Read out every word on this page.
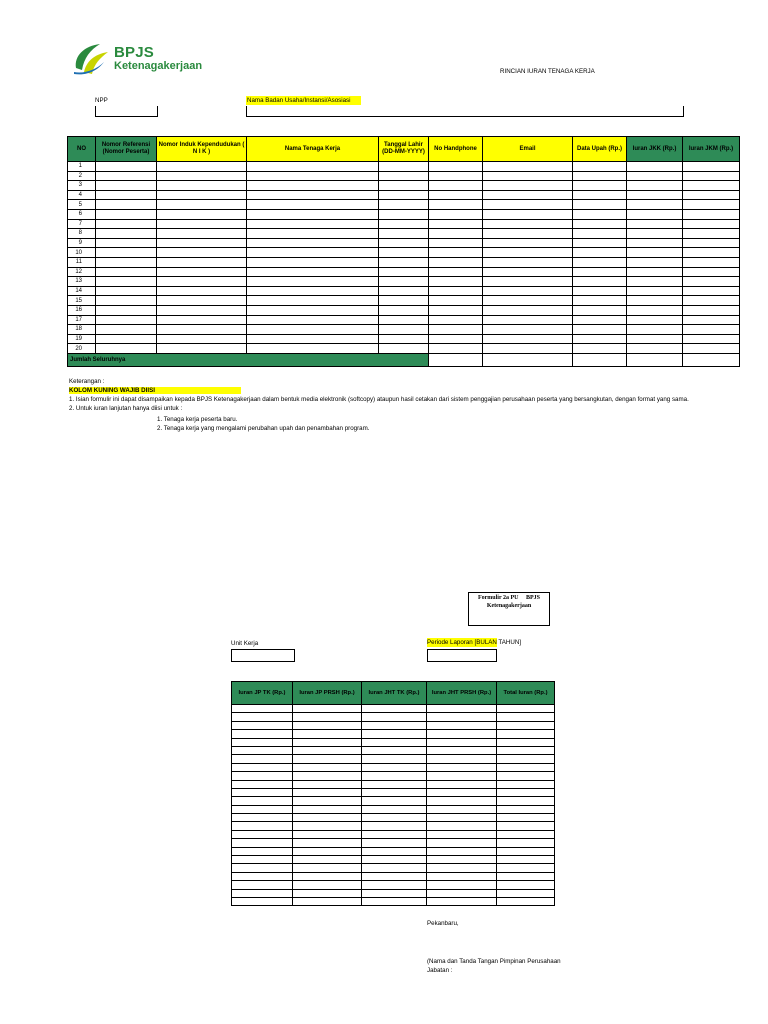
BPJS
Ketenagakerjaan	RINCIAN IURAN TENAGA KERJA
NPP	Nama Badan Usaha/Instansi/Asosiasi
NO	Nomor Referensi (Nomor Peserta)	Nomor Induk Kependudukan ( N I K )	Nama Tenaga Kerja	Tanggal Lahir (DD-MM-YYYY)	No Handphone	Email	Data Upah (Rp.)	Iuran JKK (Rp.)	Iuran JKM (Rp.)
1									
2									
3									
4									
5									
6									
7									
8									
9									
10									
11									
12									
13									
14									
15									
16									
17									
18									
19									
20									
Jumlah Seluruhnya									
Keterangan :
KOLOM KUNING WAJIB DIISI
1. Isian formulir ini dapat disampaikan kepada BPJS Ketenagakerjaan dalam bentuk media elektronik (softcopy) ataupun hasil cetakan dari sistem penggajian perusahaan peserta yang bersangkutan, dengan format yang sama.
2. Untuk iuran lanjutan hanya diisi untuk :
1. Tenaga kerja peserta baru.
2. Tenaga kerja yang mengalami perubahan upah dan penambahan program.
Formulir 2a PU BPJS
Ketenagakerjaan
Unit Kerja	Periode Laporan [BULAN TAHUN]
Iuran JP TK (Rp.)	Iuran JP PRSH (Rp.)	Iuran JHT TK (Rp.)	Iuran JHT PRSH (Rp.)	Total Iuran (Rp.)

Pekanbaru,
(Nama dan Tanda Tangan Pimpinan Perusahaan
Jabatan :
